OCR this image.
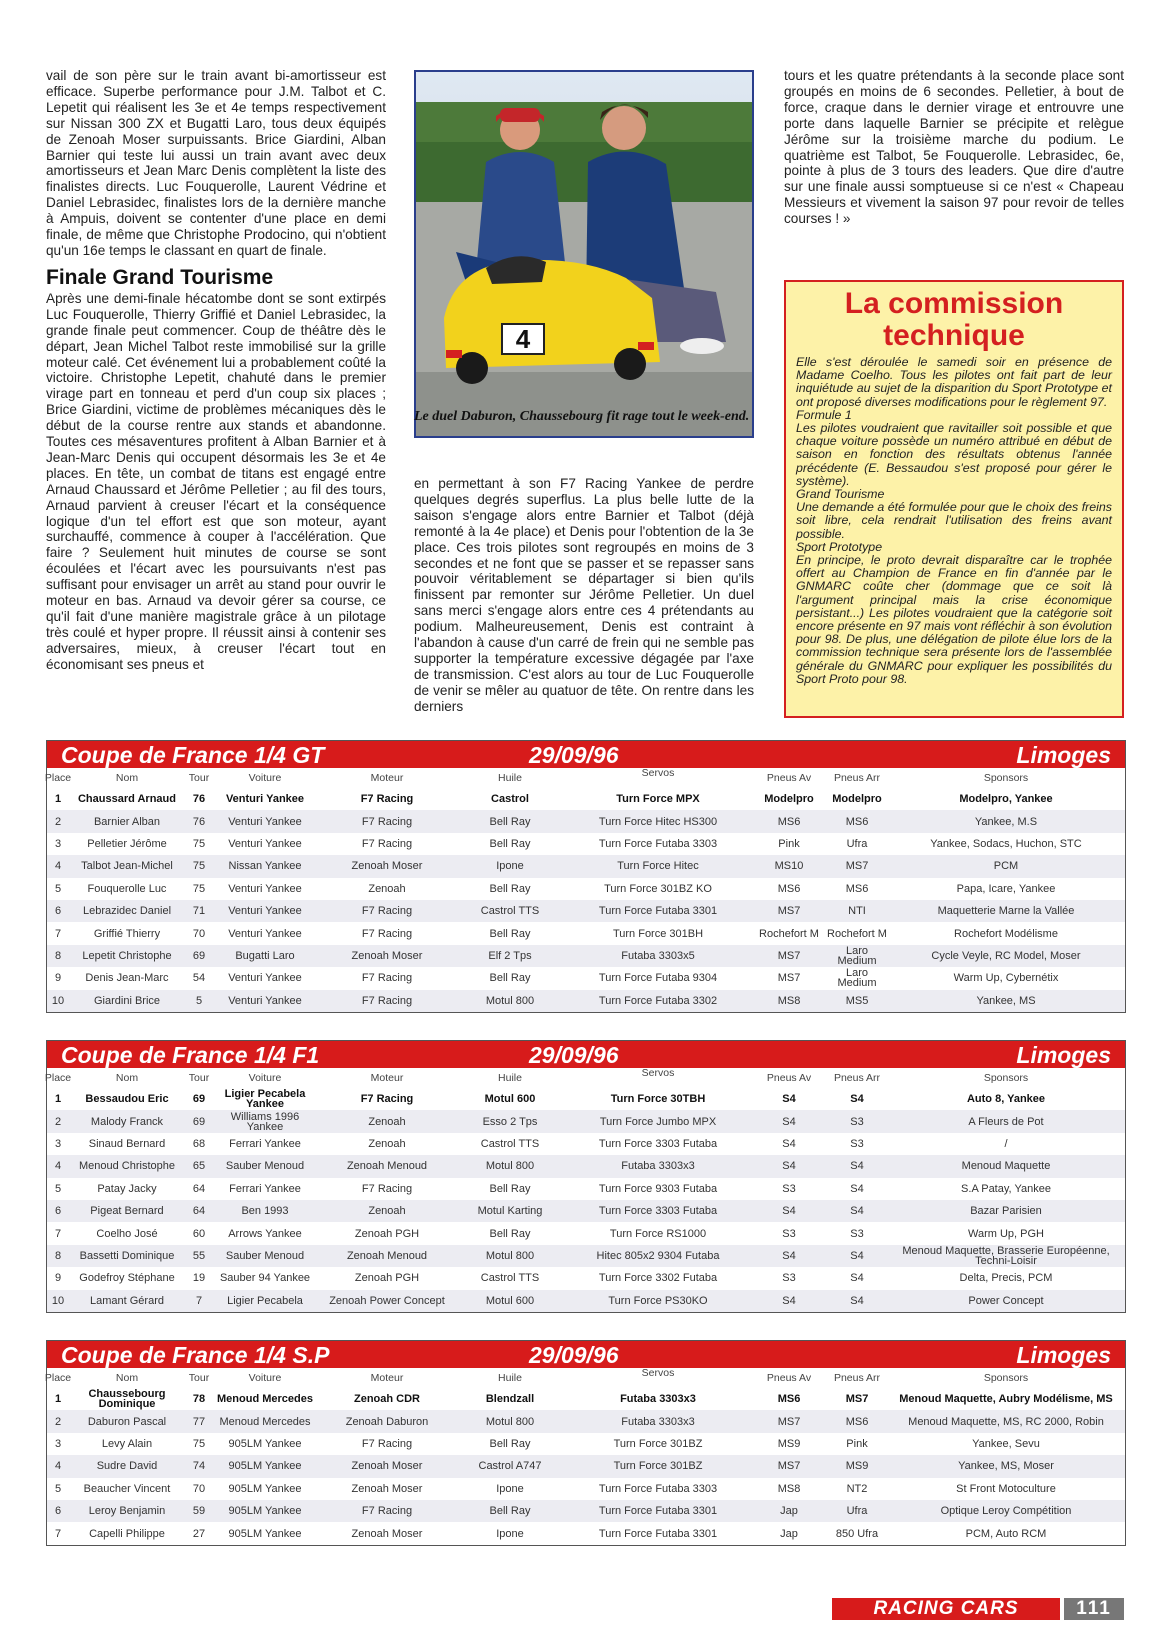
vail de son père sur le train avant bi-amortisseur est efficace. Superbe performance pour J.M. Talbot et C. Lepetit qui réalisent les 3e et 4e temps respectivement sur Nissan 300 ZX et Bugatti Laro, tous deux équipés de Zenoah Moser surpuissants. Brice Giardini, Alban Barnier qui teste lui aussi un train avant avec deux amortisseurs et Jean Marc Denis complètent la liste des finalistes directs. Luc Fouquerolle, Laurent Védrine et Daniel Lebrasidec, finalistes lors de la dernière manche à Ampuis, doivent se contenter d'une place en demi finale, de même que Christophe Prodocino, qui n'obtient qu'un 16e temps le classant en quart de finale.

Finale Grand Tourisme

Après une demi-finale hécatombe dont se sont extirpés Luc Fouquerolle, Thierry Griffié et Daniel Lebrasidec, la grande finale peut commencer. Coup de théâtre dès le départ, Jean Michel Talbot reste immobilisé sur la grille moteur calé. Cet événement lui a probablement coûté la victoire. Christophe Lepetit, chahuté dans le premier virage part en tonneau et perd d'un coup six places ; Brice Giardini, victime de problèmes mécaniques dès le début de la course rentre aux stands et abandonne. Toutes ces mésaventures profitent à Alban Barnier et à Jean-Marc Denis qui occupent désormais les 3e et 4e places. En tête, un combat de titans est engagé entre Arnaud Chaussard et Jérôme Pelletier ; au fil des tours, Arnaud parvient à creuser l'écart et la conséquence logique d'un tel effort est que son moteur, ayant surchauffé, commence à couper à l'accélération. Que faire ? Seulement huit minutes de course se sont écoulées et l'écart avec les poursuivants n'est pas suffisant pour envisager un arrêt au stand pour ouvrir le moteur en bas. Arnaud va devoir gérer sa course, ce qu'il fait d'une manière magistrale grâce à un pilotage très coulé et hyper propre. Il réussit ainsi à contenir ses adversaires, mieux, à creuser l'écart tout en économisant ses pneus et

4
Le duel Daburon, Chaussebourg fit rage tout le week-end.

en permettant à son F7 Racing Yankee de perdre quelques degrés superflus. La plus belle lutte de la saison s'engage alors entre Barnier et Talbot (déjà remonté à la 4e place) et Denis pour l'obtention de la 3e place. Ces trois pilotes sont regroupés en moins de 3 secondes et ne font que se passer et se repasser sans pouvoir véritablement se départager si bien qu'ils finissent par remonter sur Jérôme Pelletier. Un duel sans merci s'engage alors entre ces 4 prétendants au podium. Malheureusement, Denis est contraint à l'abandon à cause d'un carré de frein qui ne semble pas supporter la température excessive dégagée par l'axe de transmission. C'est alors au tour de Luc Fouquerolle de venir se mêler au quatuor de tête. On rentre dans les derniers

tours et les quatre prétendants à la seconde place sont groupés en moins de 6 secondes. Pelletier, à bout de force, craque dans le dernier virage et entrouvre une porte dans laquelle Barnier se précipite et relègue Jérôme sur la troisième marche du podium. Le quatrième est Talbot, 5e Fouquerolle. Lebrasidec, 6e, pointe à plus de 3 tours des leaders. Que dire d'autre sur une finale aussi somptueuse si ce n'est « Chapeau Messieurs et vivement la saison 97 pour revoir de telles courses ! »

La commission technique
Elle s'est déroulée le samedi soir en présence de Madame Coelho. Tous les pilotes ont fait part de leur inquiétude au sujet de la disparition du Sport Prototype et ont proposé diverses modifications pour le règlement 97.
Formule 1
Les pilotes voudraient que ravitailler soit possible et que chaque voiture possède un numéro attribué en début de saison en fonction des résultats obtenus l'année précédente (E. Bessaudou s'est proposé pour gérer le système).
Grand Tourisme
Une demande a été formulée pour que le choix des freins soit libre, cela rendrait l'utilisation des freins avant possible.
Sport Prototype
En principe, le proto devrait disparaître car le trophée offert au Champion de France en fin d'année par le GNMARC coûte cher (dommage que ce soit là l'argument principal mais la crise économique persistant...) Les pilotes voudraient que la catégorie soit encore présente en 97 mais vont réfléchir à son évolution pour 98. De plus, une délégation de pilote élue lors de la commission technique sera présente lors de l'assemblée générale du GNMARC pour expliquer les possibilités du Sport Proto pour 98.
Coupe de France 1/4 GT	29/09/96	Limoges
Place	Nom	Tour	Voiture	Moteur	Huile	Servos	Pneus Av	Pneus Arr	Sponsors
1	Chaussard Arnaud	76	Venturi Yankee	F7 Racing	Castrol	Turn Force MPX	Modelpro	Modelpro	Modelpro, Yankee
2	Barnier Alban	76	Venturi Yankee	F7 Racing	Bell Ray	Turn Force Hitec HS300	MS6	MS6	Yankee, M.S
3	Pelletier Jérôme	75	Venturi Yankee	F7 Racing	Bell Ray	Turn Force Futaba 3303	Pink	Ufra	Yankee, Sodacs, Huchon, STC
4	Talbot Jean-Michel	75	Nissan Yankee	Zenoah Moser	Ipone	Turn Force Hitec	MS10	MS7	PCM
5	Fouquerolle Luc	75	Venturi Yankee	Zenoah	Bell Ray	Turn Force 301BZ KO	MS6	MS6	Papa, Icare, Yankee
6	Lebrazidec Daniel	71	Venturi Yankee	F7 Racing	Castrol TTS	Turn Force Futaba 3301	MS7	NTI	Maquetterie Marne la Vallée
7	Griffié Thierry	70	Venturi Yankee	F7 Racing	Bell Ray	Turn Force 301BH	Rochefort M Rochefort M	Rochefort Modélisme
8	Lepetit Christophe	69	Bugatti Laro	Zenoah Moser	Elf 2 Tps	Futaba 3303x5	MS7	Laro Medium	Cycle Veyle, RC Model, Moser
9	Denis Jean-Marc	54	Venturi Yankee	F7 Racing	Bell Ray	Turn Force Futaba 9304	MS7	Laro Medium	Warm Up, Cybernétix
10	Giardini Brice	5	Venturi Yankee	F7 Racing	Motul 800	Turn Force Futaba 3302	MS8	MS5	Yankee, MS
Coupe de France 1/4 F1	29/09/96	Limoges
Place	Nom	Tour	Voiture	Moteur	Huile	Servos	Pneus Av	Pneus Arr	Sponsors
1	Bessaudou Eric	69	Ligier Pecabela Yankee	F7 Racing	Motul 600	Turn Force 30TBH	S4	S4	Auto 8, Yankee
2	Malody Franck	69	Williams 1996 Yankee	Zenoah	Esso 2 Tps	Turn Force Jumbo MPX	S4	S3	A Fleurs de Pot
3	Sinaud Bernard	68	Ferrari Yankee	Zenoah	Castrol TTS	Turn Force 3303 Futaba	S4	S3	/
4	Menoud Christophe	65	Sauber Menoud	Zenoah Menoud	Motul 800	Futaba 3303x3	S4	S4	Menoud Maquette
5	Patay Jacky	64	Ferrari Yankee	F7 Racing	Bell Ray	Turn Force 9303 Futaba	S3	S4	S.A Patay, Yankee
6	Pigeat Bernard	64	Ben 1993	Zenoah	Motul Karting	Turn Force 3303 Futaba	S4	S4	Bazar Parisien
7	Coelho José	60	Arrows Yankee	Zenoah PGH	Bell Ray	Turn Force RS1000	S3	S3	Warm Up, PGH
8	Bassetti Dominique	55	Sauber Menoud	Zenoah Menoud	Motul 800	Hitec 805x2 9304 Futaba	S4	S4	Menoud Maquette, Brasserie Européenne, Techni-Loisir
9	Godefroy Stéphane	19	Sauber 94 Yankee	Zenoah PGH	Castrol TTS	Turn Force 3302 Futaba	S3	S4	Delta, Precis, PCM
10	Lamant Gérard	7	Ligier Pecabela	Zenoah Power Concept	Motul 600	Turn Force PS30KO	S4	S4	Power Concept
Coupe de France 1/4 S.P	29/09/96	Limoges
Place	Nom	Tour	Voiture	Moteur	Huile	Servos	Pneus Av	Pneus Arr	Sponsors
1	Chaussebourg Dominique	78	Menoud Mercedes	Zenoah CDR	Blendzall	Futaba 3303x3	MS6	MS7	Menoud Maquette, Aubry Modélisme, MS
2	Daburon Pascal	77	Menoud Mercedes	Zenoah Daburon	Motul 800	Futaba 3303x3	MS7	MS6	Menoud Maquette, MS, RC 2000, Robin
3	Levy Alain	75	905LM Yankee	F7 Racing	Bell Ray	Turn Force 301BZ	MS9	Pink	Yankee, Sevu
4	Sudre David	74	905LM Yankee	Zenoah Moser	Castrol A747	Turn Force 301BZ	MS7	MS9	Yankee, MS, Moser
5	Beaucher Vincent	70	905LM Yankee	Zenoah Moser	Ipone	Turn Force Futaba 3303	MS8	NT2	St Front Motoculture
6	Leroy Benjamin	59	905LM Yankee	F7 Racing	Bell Ray	Turn Force Futaba 3301	Jap	Ufra	Optique Leroy Compétition
7	Capelli Philippe	27	905LM Yankee	Zenoah Moser	Ipone	Turn Force Futaba 3301	Jap	850 Ufra	PCM, Auto RCM
RACING CARS	111
